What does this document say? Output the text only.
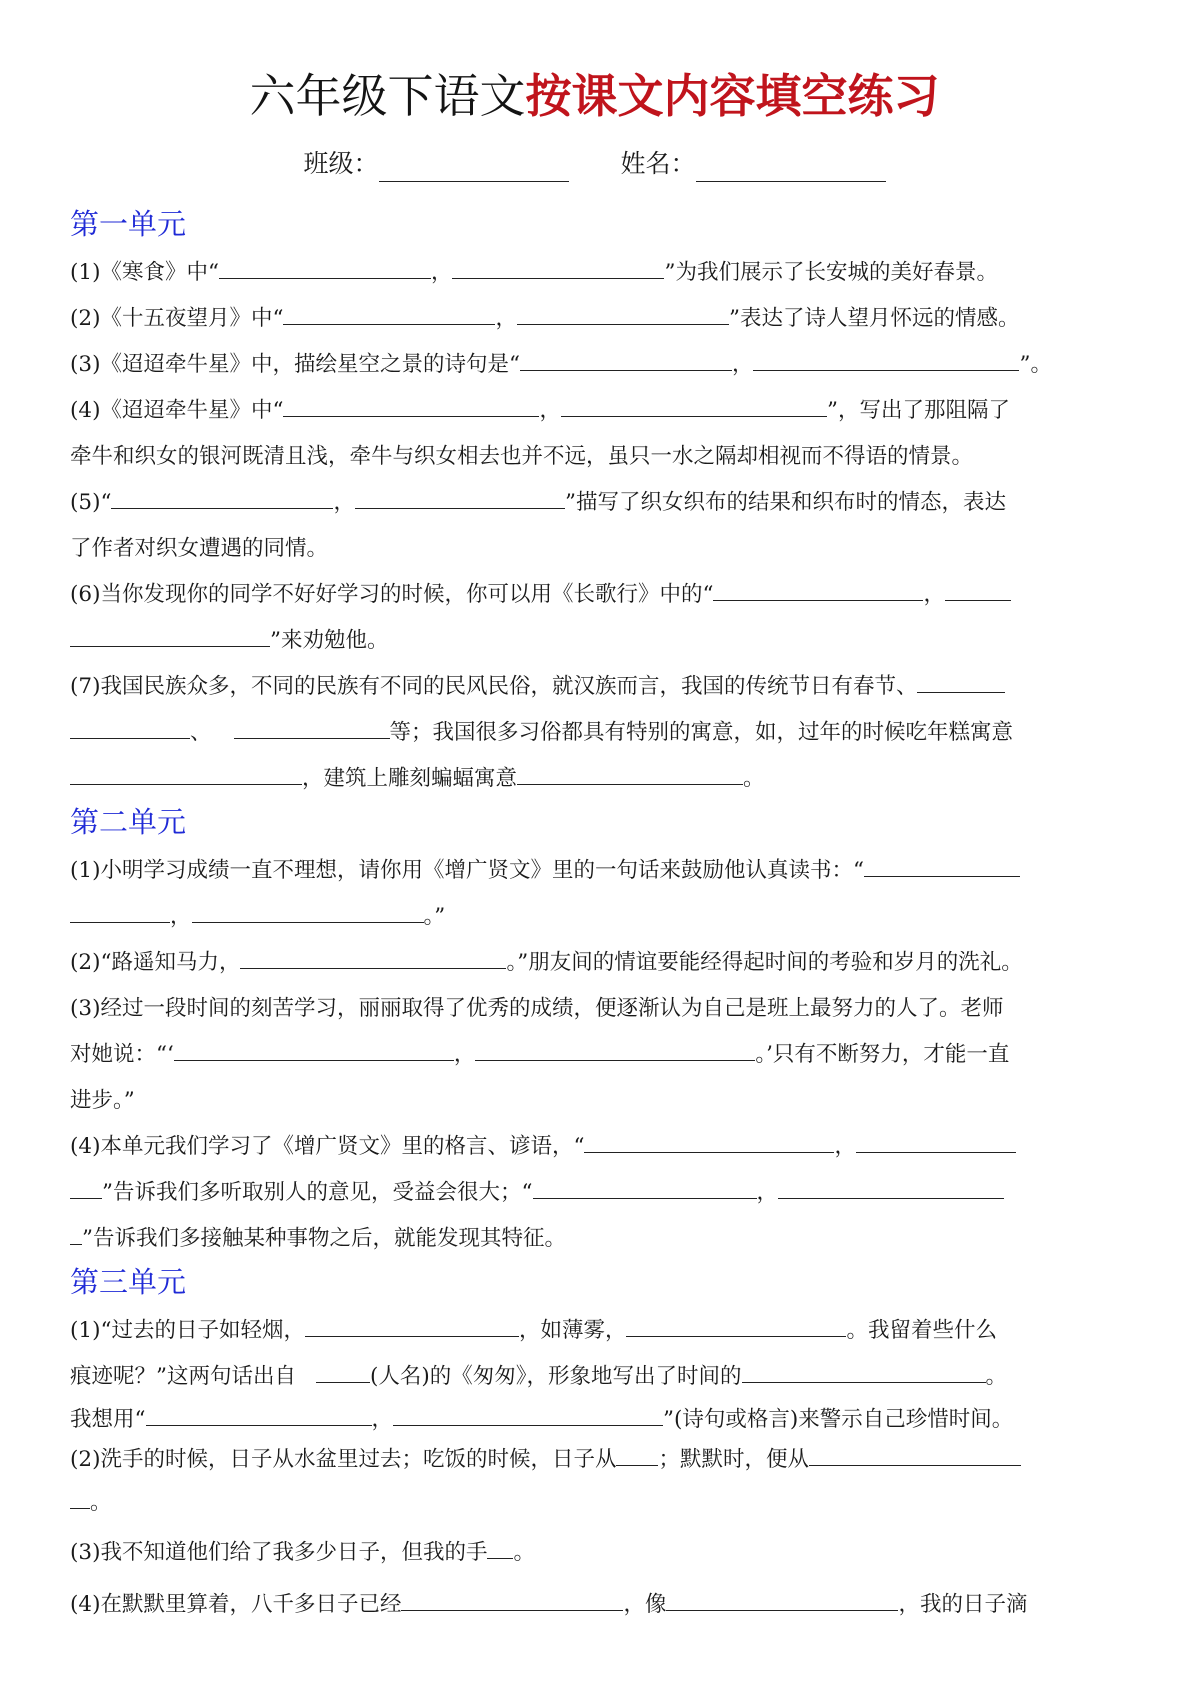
六年级下语文按课文内容填空练习
班级：	姓名：
第一单元
(1)《寒食》中“	，	”为我们展示了长安城的美好春景。
(2)《十五夜望月》中“	，	”表达了诗人望月怀远的情感。
(3)《迢迢牵牛星》中，描绘星空之景的诗句是“	，	”。
(4)《迢迢牵牛星》中“	，	”，写出了那阻隔了
牵牛和织女的银河既清且浅，牵牛与织女相去也并不远，虽只一水之隔却相视而不得语的情景。
(5)“	，	”描写了织女织布的结果和织布时的情态，表达
了作者对织女遭遇的同情。
(6)当你发现你的同学不好好学习的时候，你可以用《长歌行》中的“	，
”来劝勉他。
(7)我国民族众多，不同的民族有不同的民风民俗，就汉族而言，我国的传统节日有春节、
、	等；我国很多习俗都具有特别的寓意，如，过年的时候吃年糕寓意
，建筑上雕刻蝙蝠寓意	。
第二单元
(1)小明学习成绩一直不理想，请你用《增广贤文》里的一句话来鼓励他认真读书：“
，	。”
(2)“路遥知马力，	。”朋友间的情谊要能经得起时间的考验和岁月的洗礼。
(3)经过一段时间的刻苦学习，丽丽取得了优秀的成绩，便逐渐认为自己是班上最努力的人了。老师
对她说：“‘	，	。’只有不断努力，才能一直
进步。”
(4)本单元我们学习了《增广贤文》里的格言、谚语，“	，
”告诉我们多听取别人的意见，受益会很大；“	，
”告诉我们多接触某种事物之后，就能发现其特征。
第三单元
(1)“过去的日子如轻烟，	，如薄雾，	。我留着些什么
痕迹呢？”这两句话出自	(人名)的《匆匆》，形象地写出了时间的	。
我想用“	，	”(诗句或格言)来警示自己珍惜时间。
(2)洗手的时候，日子从水盆里过去；吃饭的时候，日子从 ；默默时，便从
。
(3)我不知道他们给了我多少日子，但我的手 。
(4)在默默里算着，八千多日子已经	，像	，我的日子滴
